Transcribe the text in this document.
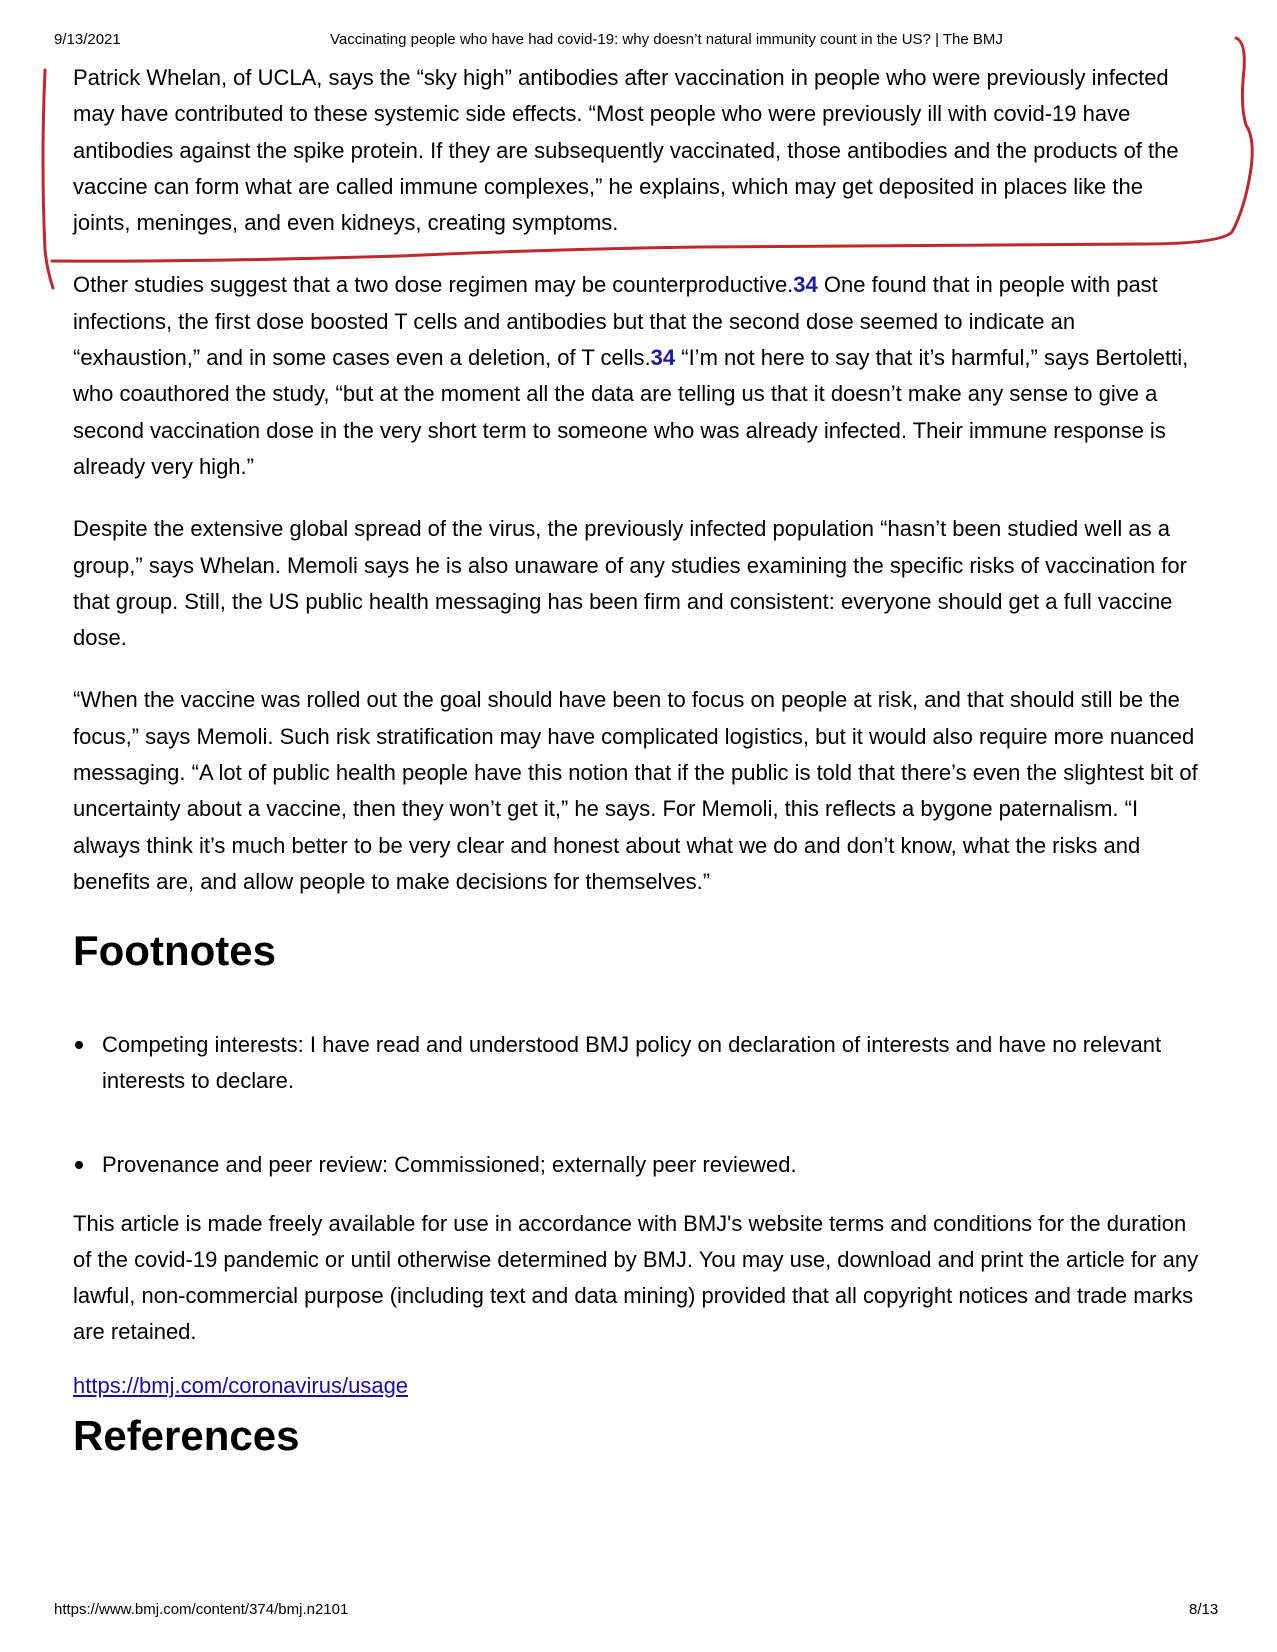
9/13/2021	Vaccinating people who have had covid-19: why doesn’t natural immunity count in the US? | The BMJ

Patrick Whelan, of UCLA, says the “sky high” antibodies after vaccination in people who were previously infected may have contributed to these systemic side effects. “Most people who were previously ill with covid-19 have antibodies against the spike protein. If they are subsequently vaccinated, those antibodies and the products of the vaccine can form what are called immune complexes,” he explains, which may get deposited in places like the joints, meninges, and even kidneys, creating symptoms.

Other studies suggest that a two dose regimen may be counterproductive.34 One found that in people with past infections, the first dose boosted T cells and antibodies but that the second dose seemed to indicate an “exhaustion,” and in some cases even a deletion, of T cells.34 “I’m not here to say that it’s harmful,” says Bertoletti, who coauthored the study, “but at the moment all the data are telling us that it doesn’t make any sense to give a second vaccination dose in the very short term to someone who was already infected. Their immune response is already very high.”

Despite the extensive global spread of the virus, the previously infected population “hasn’t been studied well as a group,” says Whelan. Memoli says he is also unaware of any studies examining the specific risks of vaccination for that group. Still, the US public health messaging has been firm and consistent: everyone should get a full vaccine dose.

“When the vaccine was rolled out the goal should have been to focus on people at risk, and that should still be the focus,” says Memoli. Such risk stratification may have complicated logistics, but it would also require more nuanced messaging. “A lot of public health people have this notion that if the public is told that there’s even the slightest bit of uncertainty about a vaccine, then they won’t get it,” he says. For Memoli, this reflects a bygone paternalism. “I always think it’s much better to be very clear and honest about what we do and don’t know, what the risks and benefits are, and allow people to make decisions for themselves.”

Footnotes
Competing interests: I have read and understood BMJ policy on declaration of interests and have no relevant interests to declare.
Provenance and peer review: Commissioned; externally peer reviewed.

This article is made freely available for use in accordance with BMJ's website terms and conditions for the duration of the covid-19 pandemic or until otherwise determined by BMJ. You may use, download and print the article for any lawful, non-commercial purpose (including text and data mining) provided that all copyright notices and trade marks are retained.

https://bmj.com/coronavirus/usage
References
https://www.bmj.com/content/374/bmj.n2101	8/13
